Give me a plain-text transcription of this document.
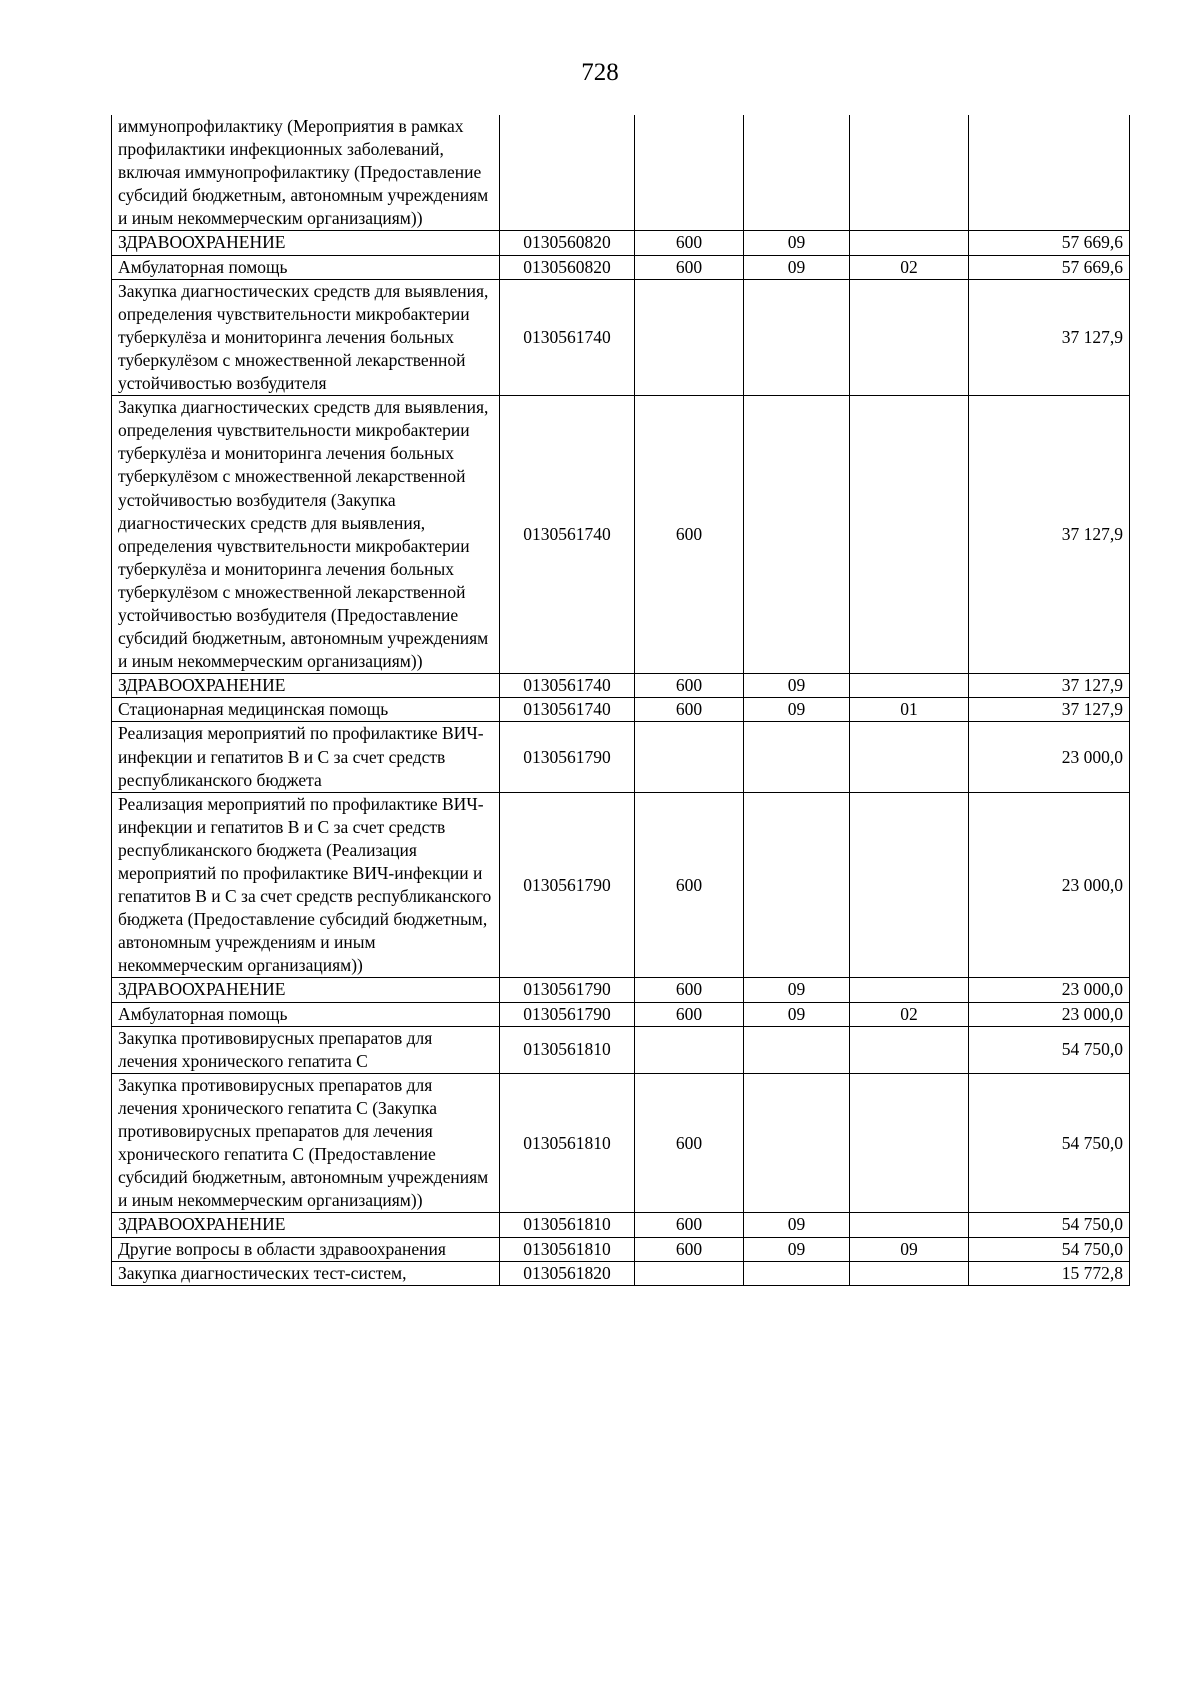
728
иммунопрофилактику (Мероприятия в рамках профилактики инфекционных заболеваний, включая иммунопрофилактику (Предоставление субсидий бюджетным, автономным учреждениям и иным некоммерческим организациям))					
ЗДРАВООХРАНЕНИЕ	0130560820	600	09		57 669,6
Амбулаторная помощь	0130560820	600	09	02	57 669,6
Закупка диагностических средств для выявления, определения чувствительности микробактерии туберкулёза и мониторинга лечения больных туберкулёзом с множественной лекарственной устойчивостью возбудителя	0130561740				37 127,9
Закупка диагностических средств для выявления, определения чувствительности микробактерии туберкулёза и мониторинга лечения больных туберкулёзом с множественной лекарственной устойчивостью возбудителя (Закупка диагностических средств для выявления, определения чувствительности микробактерии туберкулёза и мониторинга лечения больных туберкулёзом с множественной лекарственной устойчивостью возбудителя (Предоставление субсидий бюджетным, автономным учреждениям и иным некоммерческим организациям))	0130561740	600			37 127,9
ЗДРАВООХРАНЕНИЕ	0130561740	600	09		37 127,9
Стационарная медицинская помощь	0130561740	600	09	01	37 127,9
Реализация мероприятий по профилактике ВИЧ-инфекции и гепатитов В и С за счет средств республиканского бюджета	0130561790				23 000,0
Реализация мероприятий по профилактике ВИЧ-инфекции и гепатитов В и С за счет средств республиканского бюджета (Реализация мероприятий по профилактике ВИЧ-инфекции и гепатитов В и С за счет средств республиканского бюджета (Предоставление субсидий бюджетным, автономным учреждениям и иным некоммерческим организациям))	0130561790	600			23 000,0
ЗДРАВООХРАНЕНИЕ	0130561790	600	09		23 000,0
Амбулаторная помощь	0130561790	600	09	02	23 000,0
Закупка противовирусных препаратов для лечения хронического гепатита С	0130561810				54 750,0
Закупка противовирусных препаратов для лечения хронического гепатита С (Закупка противовирусных препаратов для лечения хронического гепатита С (Предоставление субсидий бюджетным, автономным учреждениям и иным некоммерческим организациям))	0130561810	600			54 750,0
ЗДРАВООХРАНЕНИЕ	0130561810	600	09		54 750,0
Другие вопросы в области здравоохранения	0130561810	600	09	09	54 750,0
Закупка диагностических тест-систем,	0130561820				15 772,8
